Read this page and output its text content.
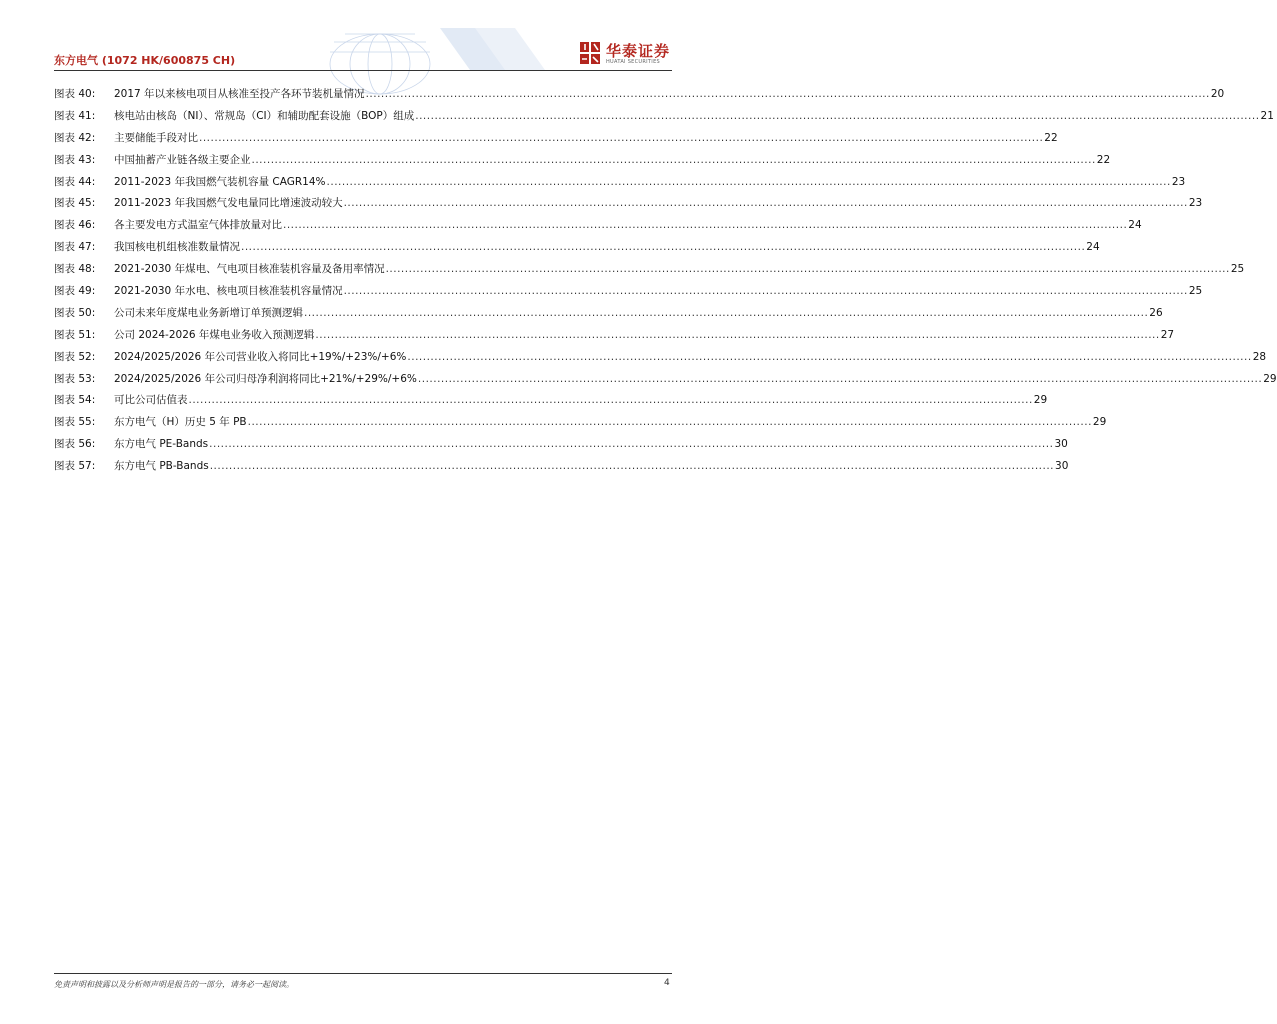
东方电气 (1072 HK/600875 CH)
华泰证券
HUATAI SECURITIES
图表 40:	2017 年以来核电项目从核准至投产各环节装机量情况 ............................................................................................................................................................................................................................ 20
图表 41:	核电站由核岛（NI）、常规岛（CI）和辅助配套设施（BOP）组成 ............................................................................................................................................................................................................................ 21
图表 42:	主要储能手段对比 ............................................................................................................................................................................................................................ 22
图表 43:	中国抽蓄产业链各级主要企业 ............................................................................................................................................................................................................................ 22
图表 44:	2011-2023 年我国燃气装机容量 CAGR14% ............................................................................................................................................................................................................................ 23
图表 45:	2011-2023 年我国燃气发电量同比增速波动较大 ............................................................................................................................................................................................................................ 23
图表 46:	各主要发电方式温室气体排放量对比 ............................................................................................................................................................................................................................ 24
图表 47:	我国核电机组核准数量情况 ............................................................................................................................................................................................................................ 24
图表 48:	2021-2030 年煤电、气电项目核准装机容量及备用率情况 ............................................................................................................................................................................................................................ 25
图表 49:	2021-2030 年水电、核电项目核准装机容量情况 ............................................................................................................................................................................................................................ 25
图表 50:	公司未来年度煤电业务新增订单预测逻辑 ............................................................................................................................................................................................................................ 26
图表 51:	公司 2024-2026 年煤电业务收入预测逻辑 ............................................................................................................................................................................................................................ 27
图表 52:	2024/2025/2026 年公司营业收入将同比+19%/+23%/+6% ............................................................................................................................................................................................................................ 28
图表 53:	2024/2025/2026 年公司归母净利润将同比+21%/+29%/+6% ............................................................................................................................................................................................................................ 29
图表 54:	可比公司估值表 ............................................................................................................................................................................................................................ 29
图表 55:	东方电气（H）历史 5 年 PB ............................................................................................................................................................................................................................ 29
图表 56:	东方电气 PE-Bands ............................................................................................................................................................................................................................ 30
图表 57:	东方电气 PB-Bands ............................................................................................................................................................................................................................ 30
免责声明和披露以及分析师声明是报告的一部分，请务必一起阅读。	4
